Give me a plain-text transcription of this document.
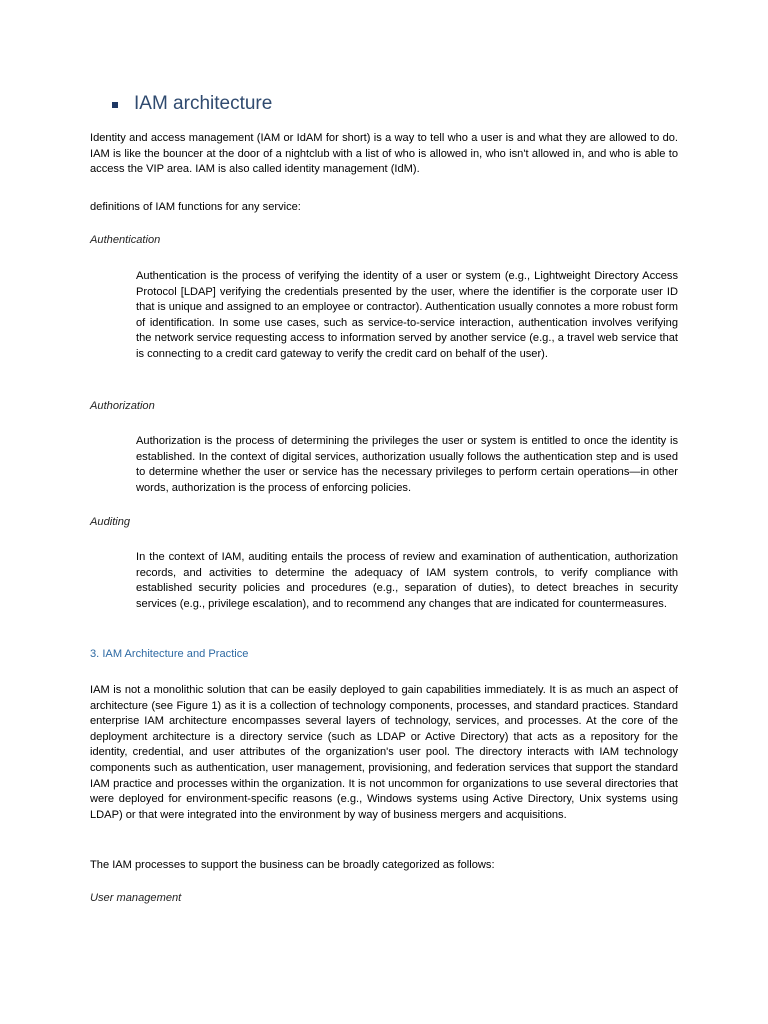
IAM architecture

Identity and access management (IAM or IdAM for short) is a way to tell who a user is and what they are allowed to do. IAM is like the bouncer at the door of a nightclub with a list of who is allowed in, who isn't allowed in, and who is able to access the VIP area. IAM is also called identity management (IdM).

definitions of IAM functions for any service:

Authentication

Authentication is the process of verifying the identity of a user or system (e.g., Lightweight Directory Access Protocol [LDAP] verifying the credentials presented by the user, where the identifier is the corporate user ID that is unique and assigned to an employee or contractor). Authentication usually connotes a more robust form of identification. In some use cases, such as service-to-service interaction, authentication involves verifying the network service requesting access to information served by another service (e.g., a travel web service that is connecting to a credit card gateway to verify the credit card on behalf of the user).

Authorization

Authorization is the process of determining the privileges the user or system is entitled to once the identity is established. In the context of digital services, authorization usually follows the authentication step and is used to determine whether the user or service has the necessary privileges to perform certain operations—in other words, authorization is the process of enforcing policies.

Auditing

In the context of IAM, auditing entails the process of review and examination of authentication, authorization records, and activities to determine the adequacy of IAM system controls, to verify compliance with established security policies and procedures (e.g., separation of duties), to detect breaches in security services (e.g., privilege escalation), and to recommend any changes that are indicated for countermeasures.

3. IAM Architecture and Practice

IAM is not a monolithic solution that can be easily deployed to gain capabilities immediately. It is as much an aspect of architecture (see Figure 1) as it is a collection of technology components, processes, and standard practices. Standard enterprise IAM architecture encompasses several layers of technology, services, and processes. At the core of the deployment architecture is a directory service (such as LDAP or Active Directory) that acts as a repository for the identity, credential, and user attributes of the organization's user pool. The directory interacts with IAM technology components such as authentication, user management, provisioning, and federation services that support the standard IAM practice and processes within the organization. It is not uncommon for organizations to use several directories that were deployed for environment-specific reasons (e.g., Windows systems using Active Directory, Unix systems using LDAP) or that were integrated into the environment by way of business mergers and acquisitions.

The IAM processes to support the business can be broadly categorized as follows:

User management
